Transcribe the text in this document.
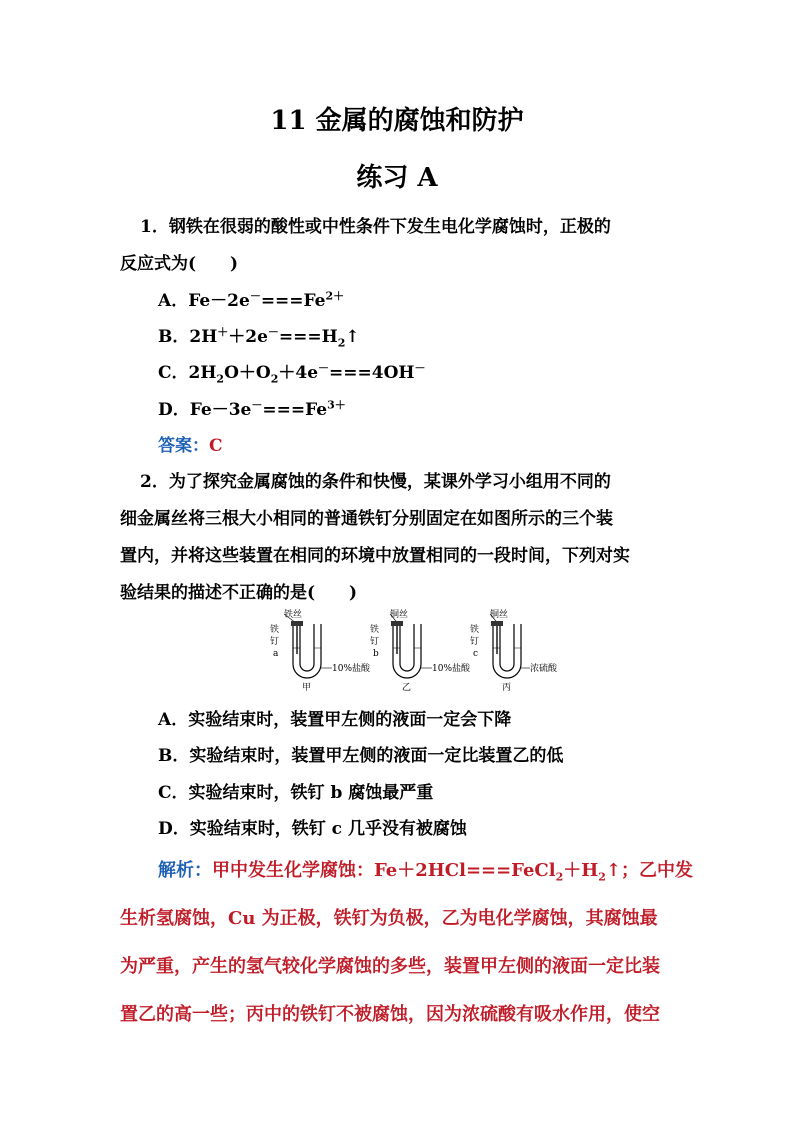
11 金属的腐蚀和防护
练习 A
1．钢铁在很弱的酸性或中性条件下发生电化学腐蚀时，正极的
反应式为(　　)
A．$Fe-2e^-===Fe^{2+}$
B．$2H^++2e^-===H_2↑$
C．$2H_2O+O_2+4e^-===4OH^-$
D．$Fe-3e^-===Fe^{3+}$
答案：C
2．为了探究金属腐蚀的条件和快慢，某课外学习小组用不同的
细金属丝将三根大小相同的普通铁钉分别固定在如图所示的三个装
置内，并将这些装置在相同的环境中放置相同的一段时间，下列对实
验结果的描述不正确的是(　　)
铁丝
铁
钉
a
10%盐酸
甲
铜丝
铁
钉
b
10%盐酸
乙
铜丝
铁
钉
c
浓硫酸
丙
A．实验结束时，装置甲左侧的液面一定会下降
B．实验结束时，装置甲左侧的液面一定比装置乙的低
C．实验结束时，铁钉 b 腐蚀最严重
D．实验结束时，铁钉 c 几乎没有被腐蚀
解析：甲中发生化学腐蚀：$Fe+2HCl===FeCl_2+H_2↑$；乙中发
生析氢腐蚀，Cu 为正极，铁钉为负极，乙为电化学腐蚀，其腐蚀最
为严重，产生的氢气较化学腐蚀的多些，装置甲左侧的液面一定比装
置乙的高一些；丙中的铁钉不被腐蚀，因为浓硫酸有吸水作用，使空
